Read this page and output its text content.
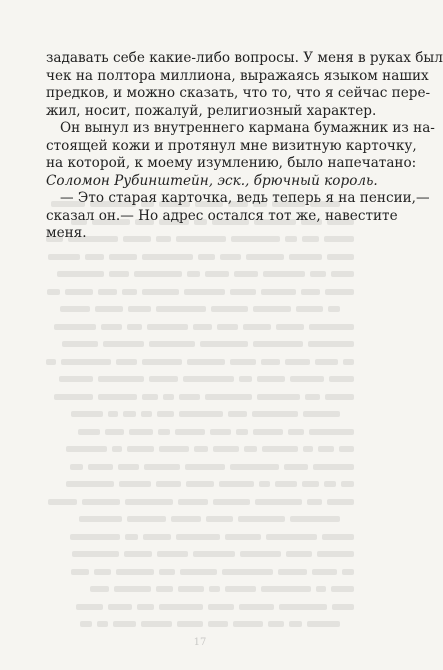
задавать себе какие-либо вопросы. У меня в руках был
чек на полтора миллиона, выражаясь языком наших
предков, и можно сказать, что то, что я сейчас пере-
жил, носит, пожалуй, религиозный характер.
Он вынул из внутреннего кармана бумажник из на-
стоящей кожи и протянул мне визитную карточку,
на которой, к моему изумлению, было напечатано:
Соломон Рубинштейн, эск., брючный король.
— Это старая карточка, ведь теперь я на пенсии,—
сказал он.— Но адрес остался тот же, навестите
меня.
17
